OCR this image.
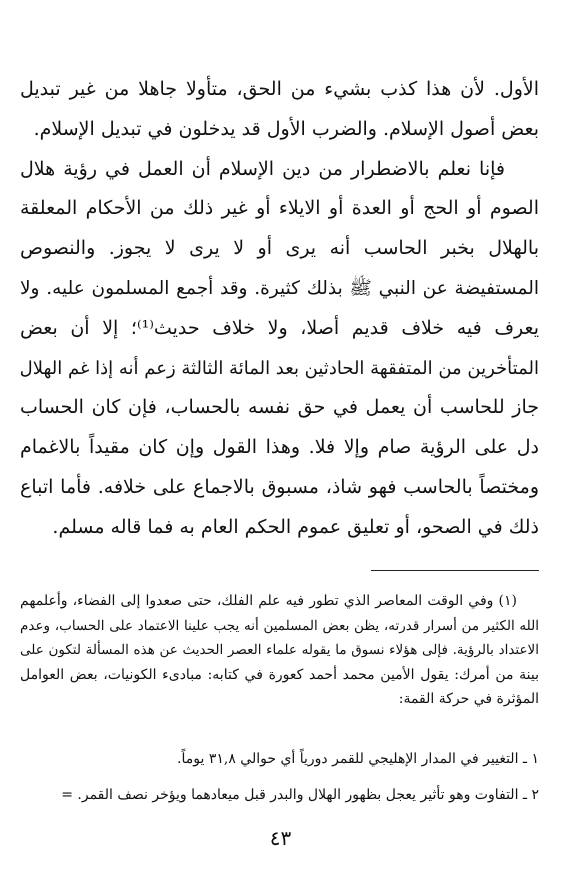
الأول. لأن هذا كذب بشيء من الحق، متأولا جاهلا من غير تبديل
بعض أصول الإسلام. والضرب الأول قد يدخلون في تبديل الإسلام.
فإنا نعلم بالاضطرار من دين الإسلام أن العمل في رؤية هلال
الصوم أو الحج أو العدة أو الايلاء أو غير ذلك من الأحكام المعلقة
بالهلال بخبر الحاسب أنه يرى أو لا يرى لا يجوز. والنصوص
المستفيضة عن النبي ﷺ بذلك كثيرة. وقد أجمع المسلمون عليه. ولا
يعرف فيه خلاف قديم أصلا، ولا خلاف حديث⁽¹⁾؛ إلا أن بعض
المتأخرين من المتفقهة الحادثين بعد المائة الثالثة زعم أنه إذا غم الهلال
جاز للحاسب أن يعمل في حق نفسه بالحساب، فإن كان الحساب
دل على الرؤية صام وإلا فلا. وهذا القول وإن كان مقيداً بالاغمام
ومختصاً بالحاسب فهو شاذ، مسبوق بالاجماع على خلافه. فأما اتباع
ذلك في الصحو، أو تعليق عموم الحكم العام به فما قاله مسلم.
(١) وفي الوقت المعاصر الذي تطور فيه علم الفلك، حتى صعدوا إلى الفضاء، وأعلمهم
الله الكثير من أسرار قدرته، يظن بعض المسلمين أنه يجب علينا الاعتماد على الحساب، وعدم
الاعتداد بالرؤية. فإلى هؤلاء نسوق ما يقوله علماء العصر الحديث عن هذه المسألة لتكون على
بينة من أمرك: يقول الأمين محمد أحمد كعورة في كتابه: مبادىء الكونيات، بعض العوامل
المؤثرة في حركة القمة:
١ ـ التغيير في المدار الإهليجي للقمر دورياً أي حوالي ٣١,٨ يوماً.
٢ ـ التفاوت وهو تأثير يعجل بظهور الهلال والبدر قبل ميعادهما ويؤخر نصف القمر. =
٤٣
